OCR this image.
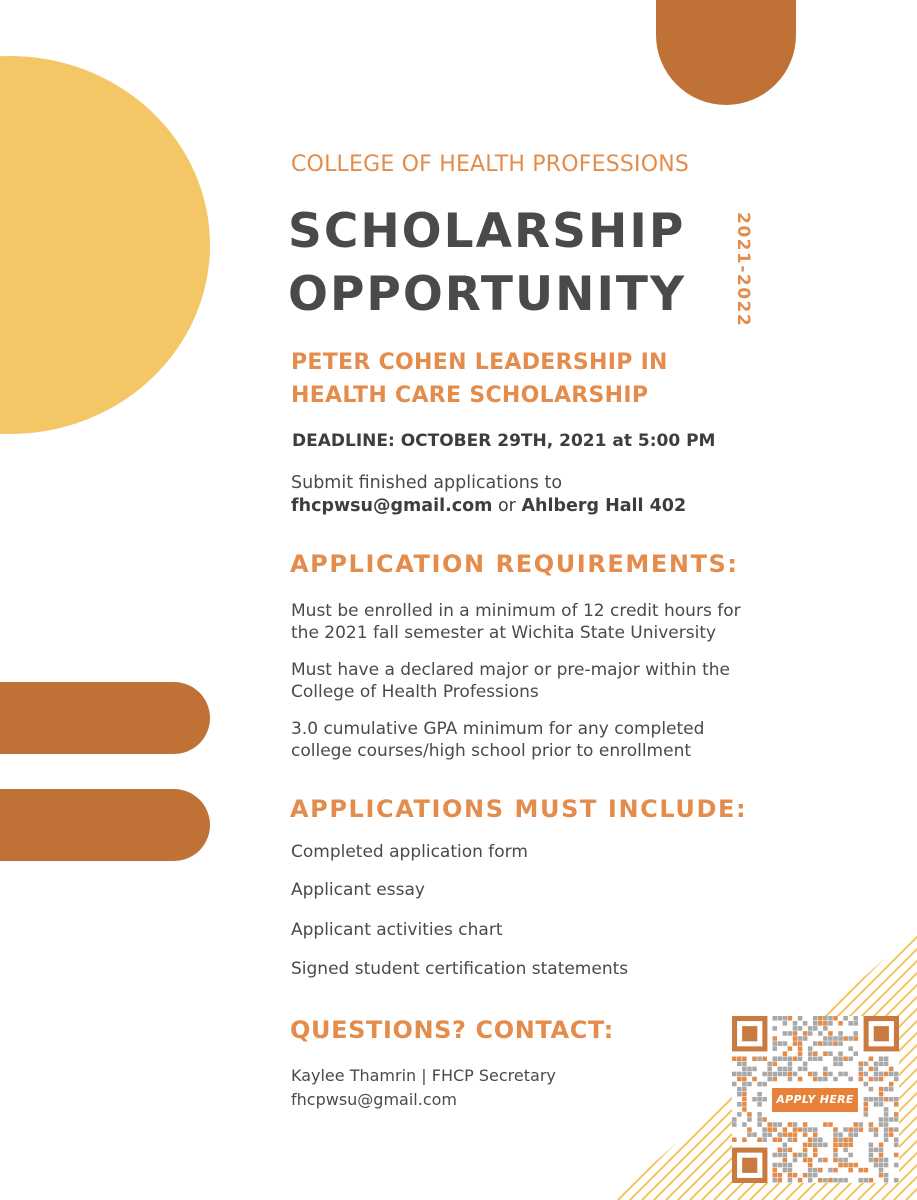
COLLEGE OF HEALTH PROFESSIONS
SCHOLARSHIP
OPPORTUNITY	2021-2022
PETER COHEN LEADERSHIP IN
HEALTH CARE SCHOLARSHIP
DEADLINE: OCTOBER 29TH, 2021 at 5:00 PM
Submit finished applications to
fhcpwsu@gmail.com or Ahlberg Hall 402
APPLICATION REQUIREMENTS:
Must be enrolled in a minimum of 12 credit hours for the 2021 fall semester at Wichita State University
Must have a declared major or pre-major within the College of Health Professions
3.0 cumulative GPA minimum for any completed college courses/high school prior to enrollment
APPLICATIONS MUST INCLUDE:
Completed application form
Applicant essay
Applicant activities chart
Signed student certification statements
QUESTIONS? CONTACT:
Kaylee Thamrin | FHCP Secretary
fhcpwsu@gmail.com	APPLY HERE
